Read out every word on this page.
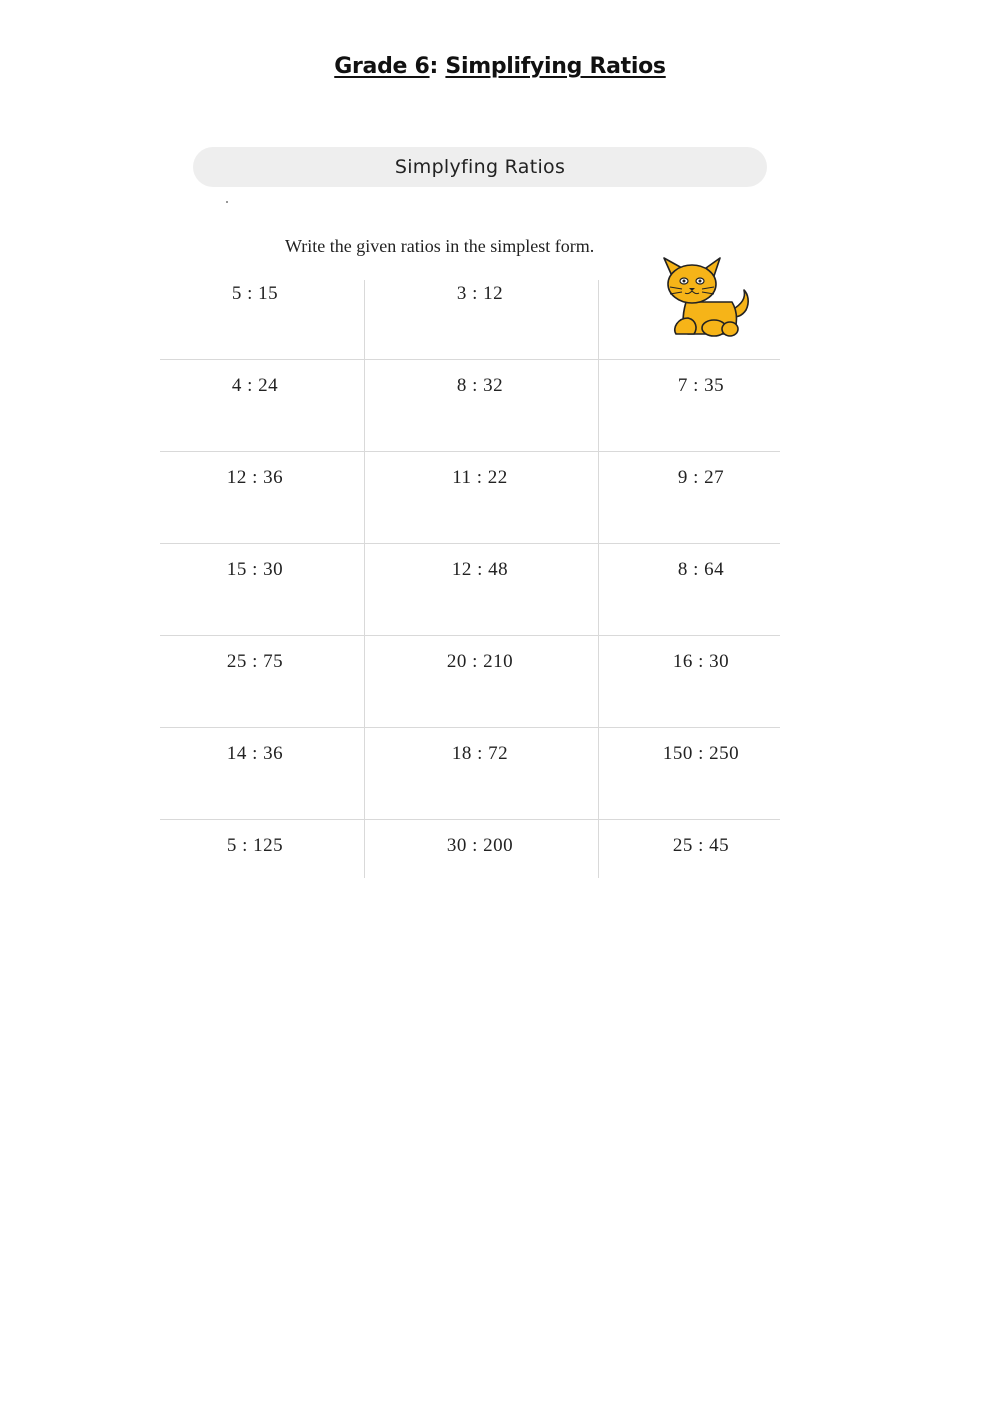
Grade 6: Simplifying Ratios
Simplyfing Ratios
Write the given ratios in the simplest form.
5 : 15	3 : 12
4 : 24	8 : 32	7 : 35
12 : 36	11 : 22	9 : 27
15 : 30	12 : 48	8 : 64
25 : 75	20 : 210	16 : 30
14 : 36	18 : 72	150 : 250
5 : 125	30 : 200	25 : 45
